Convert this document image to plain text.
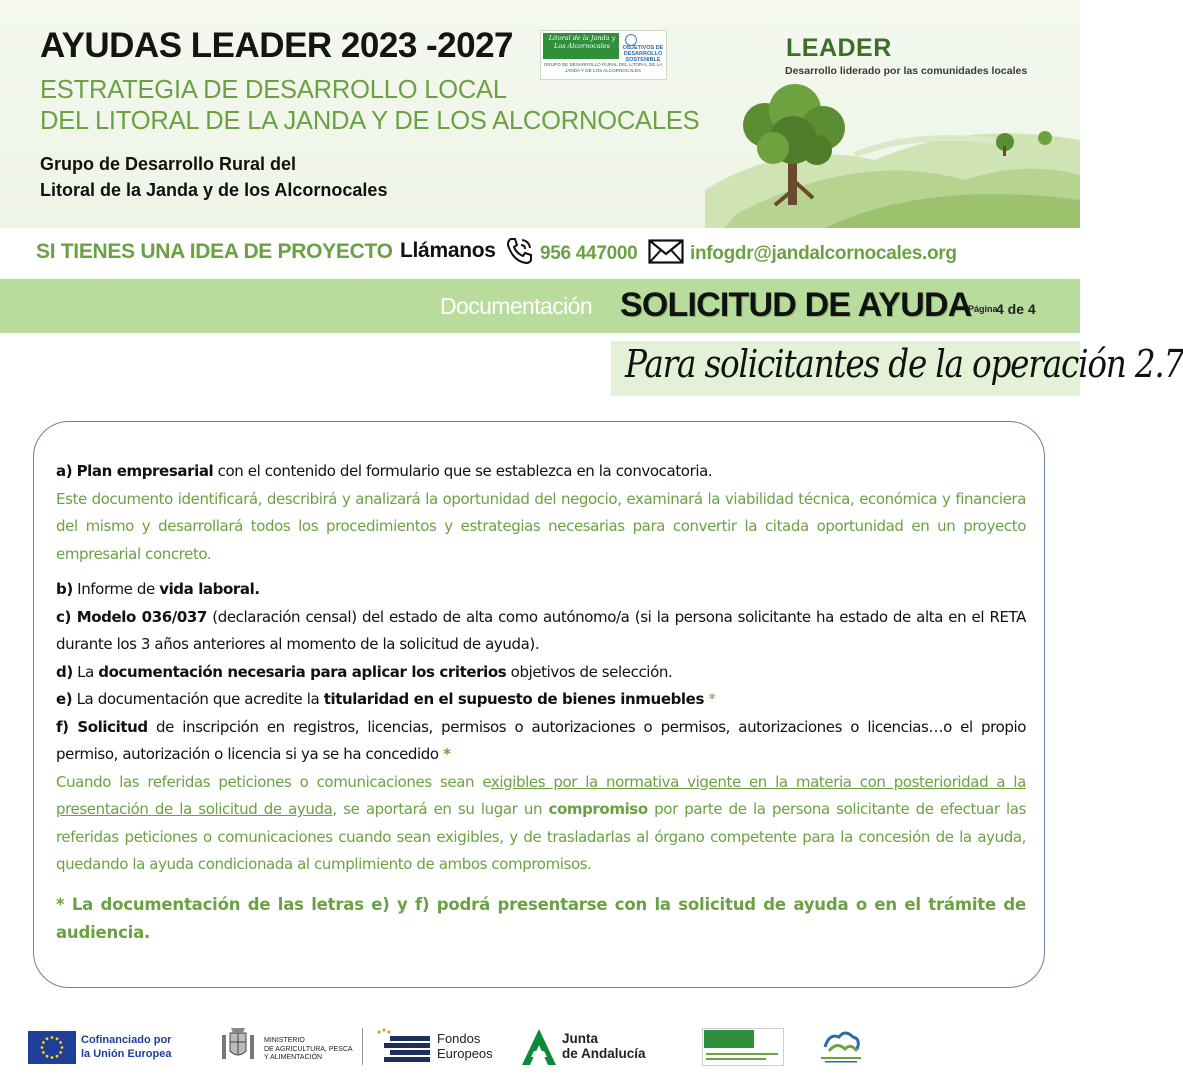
AYUDAS LEADER 2023 -2027
ESTRATEGIA DE DESARROLLO LOCAL
DEL LITORAL DE LA JANDA Y DE LOS ALCORNOCALES
Grupo de Desarrollo Rural del
Litoral de la Janda y de los Alcornocales
Litoral de la Janda y Los Alcornocales	OBJETIVOS DE DESARROLLO SOSTENIBLE
GRUPO DE DESARROLLO RURAL DEL LITORAL DE LA JANDA Y DE LOS ALCORNOCALES
LEADER
Desarrollo liderado por las comunidades locales
SI TIENES UNA IDEA DE PROYECTO Llámanos 956 447000	infogdr@jandalcornocales.org
Documentación SOLICITUD DE AYUDA
Página
4 de 4
Para solicitantes de la operación 2.7

a) Plan empresarial con el contenido del formulario que se establezca en la convocatoria.

Este documento identificará, describirá y analizará la oportunidad del negocio, examinará la viabilidad técnica, económica y financiera del mismo y desarrollará todos los procedimientos y estrategias necesarias para convertir la citada oportunidad en un proyecto empresarial concreto.

b) Informe de vida laboral.

c) Modelo 036/037 (declaración censal) del estado de alta como autónomo/a (si la persona solicitante ha estado de alta en el RETA durante los 3 años anteriores al momento de la solicitud de ayuda).

d) La documentación necesaria para aplicar los criterios objetivos de selección.

e) La documentación que acredite la titularidad en el supuesto de bienes inmuebles *

f) Solicitud de inscripción en registros, licencias, permisos o autorizaciones o permisos, autorizaciones o licencias…o el propio permiso, autorización o licencia si ya se ha concedido *

Cuando las referidas peticiones o comunicaciones sean exigibles por la normativa vigente en la materia con posterioridad a la presentación de la solicitud de ayuda, se aportará en su lugar un compromiso por parte de la persona solicitante de efectuar las referidas peticiones o comunicaciones cuando sean exigibles, y de trasladarlas al órgano competente para la concesión de la ayuda, quedando la ayuda condicionada al cumplimiento de ambos compromisos.

* La documentación de las letras e) y f) podrá presentarse con la solicitud de ayuda o en el trámite de audiencia.

Cofinanciado por
la Unión Europea
MINISTERIO
DE AGRICULTURA, PESCA
Y ALIMENTACIÓN
Fondos
Europeos
Junta
de Andalucía
